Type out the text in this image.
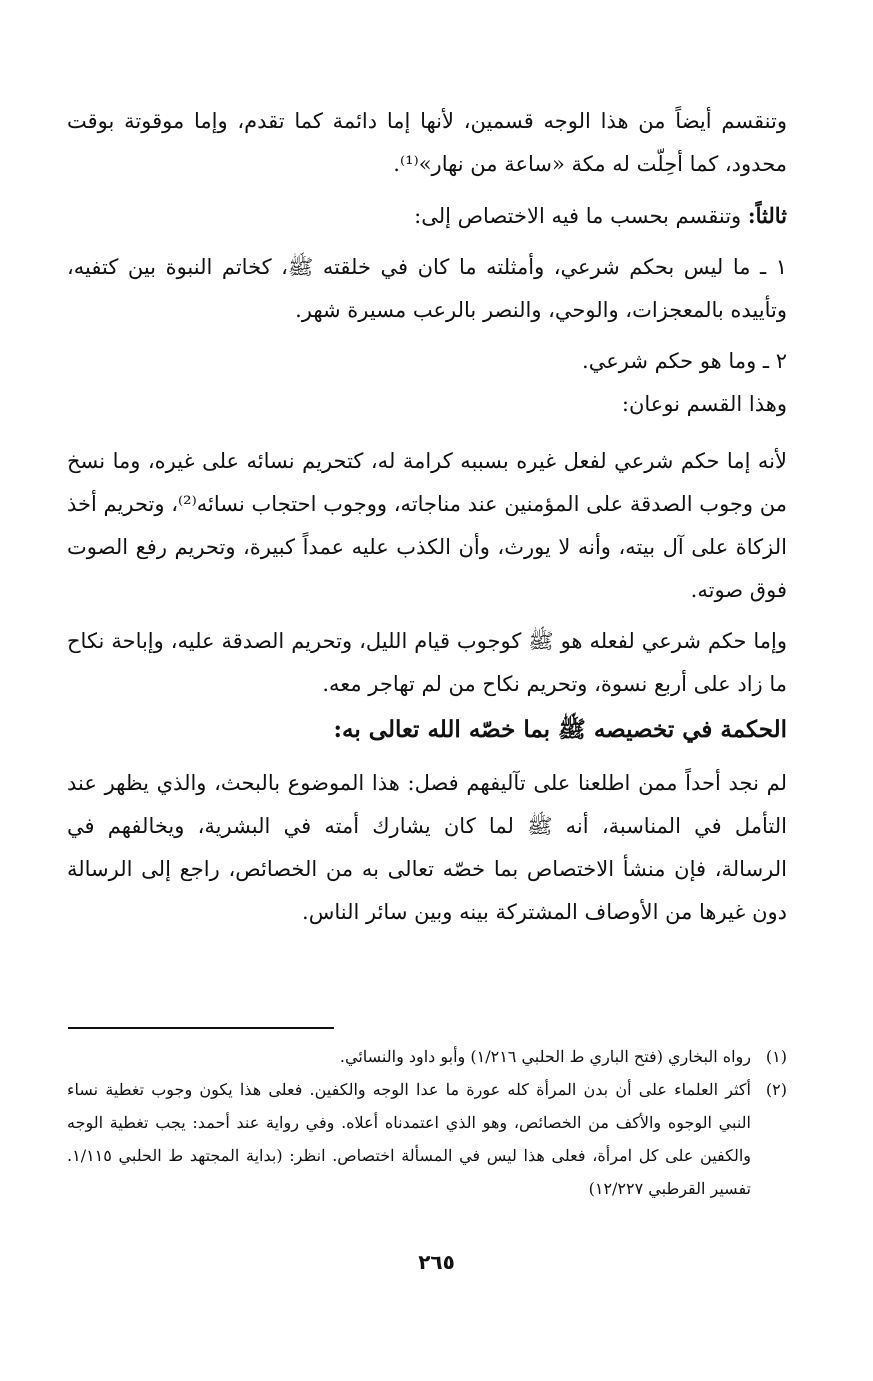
وتنقسم أيضاً من هذا الوجه قسمين، لأنها إما دائمة كما تقدم، وإما موقوتة بوقت محدود، كما أحِلّت له مكة «ساعة من نهار»⁽¹⁾.

ثالثاً: وتنقسم بحسب ما فيه الاختصاص إلى:

١ ـ ما ليس بحكم شرعي، وأمثلته ما كان في خلقته ﷺ، كخاتم النبوة بين كتفيه، وتأييده بالمعجزات، والوحي، والنصر بالرعب مسيرة شهر.

٢ ـ وما هو حكم شرعي.

وهذا القسم نوعان:

لأنه إما حكم شرعي لفعل غيره بسببه كرامة له، كتحريم نسائه على غيره، وما نسخ من وجوب الصدقة على المؤمنين عند مناجاته، ووجوب احتجاب نسائه⁽²⁾، وتحريم أخذ الزكاة على آل بيته، وأنه لا يورث، وأن الكذب عليه عمداً كبيرة، وتحريم رفع الصوت فوق صوته.

وإما حكم شرعي لفعله هو ﷺ كوجوب قيام الليل، وتحريم الصدقة عليه، وإباحة نكاح ما زاد على أربع نسوة، وتحريم نكاح من لم تهاجر معه.

الحكمة في تخصيصه ﷺ بما خصّه الله تعالى به:

لم نجد أحداً ممن اطلعنا على تآليفهم فصل: هذا الموضوع بالبحث، والذي يظهر عند التأمل في المناسبة، أنه ﷺ لما كان يشارك أمته في البشرية، ويخالفهم في الرسالة، فإن منشأ الاختصاص بما خصّه تعالى به من الخصائص، راجع إلى الرسالة دون غيرها من الأوصاف المشتركة بينه وبين سائر الناس.

(١)
رواه البخاري (فتح الباري ط الحلبي ١/٢١٦) وأبو داود والنسائي.
(٢)
أكثر العلماء على أن بدن المرأة كله عورة ما عدا الوجه والكفين. فعلى هذا يكون وجوب تغطية نساء النبي الوجوه والأكف من الخصائص، وهو الذي اعتمدناه أعلاه. وفي رواية عند أحمد: يجب تغطية الوجه والكفين على كل امرأة، فعلى هذا ليس في المسألة اختصاص. انظر: (بداية المجتهد ط الحلبي ١/١١٥. تفسير القرطبي ١٢/٢٢٧)
٢٦٥
